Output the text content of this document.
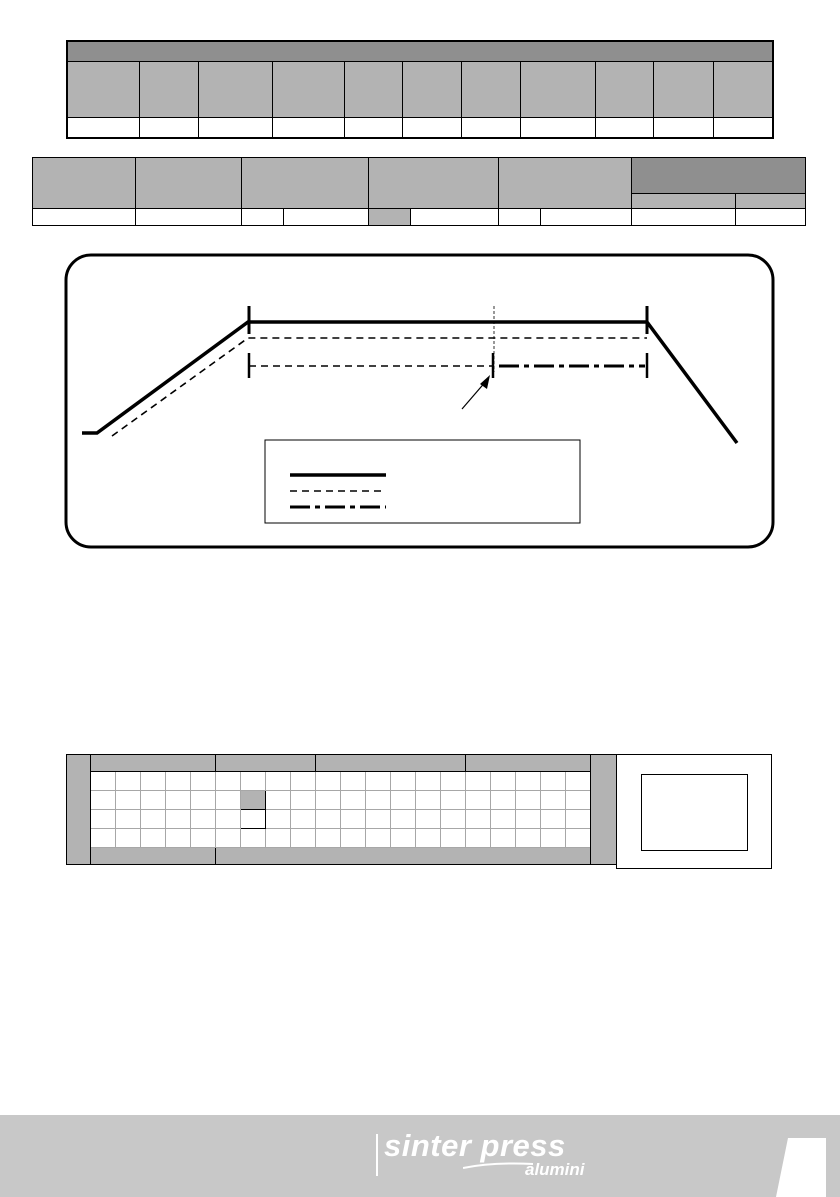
sinter press
alumini
